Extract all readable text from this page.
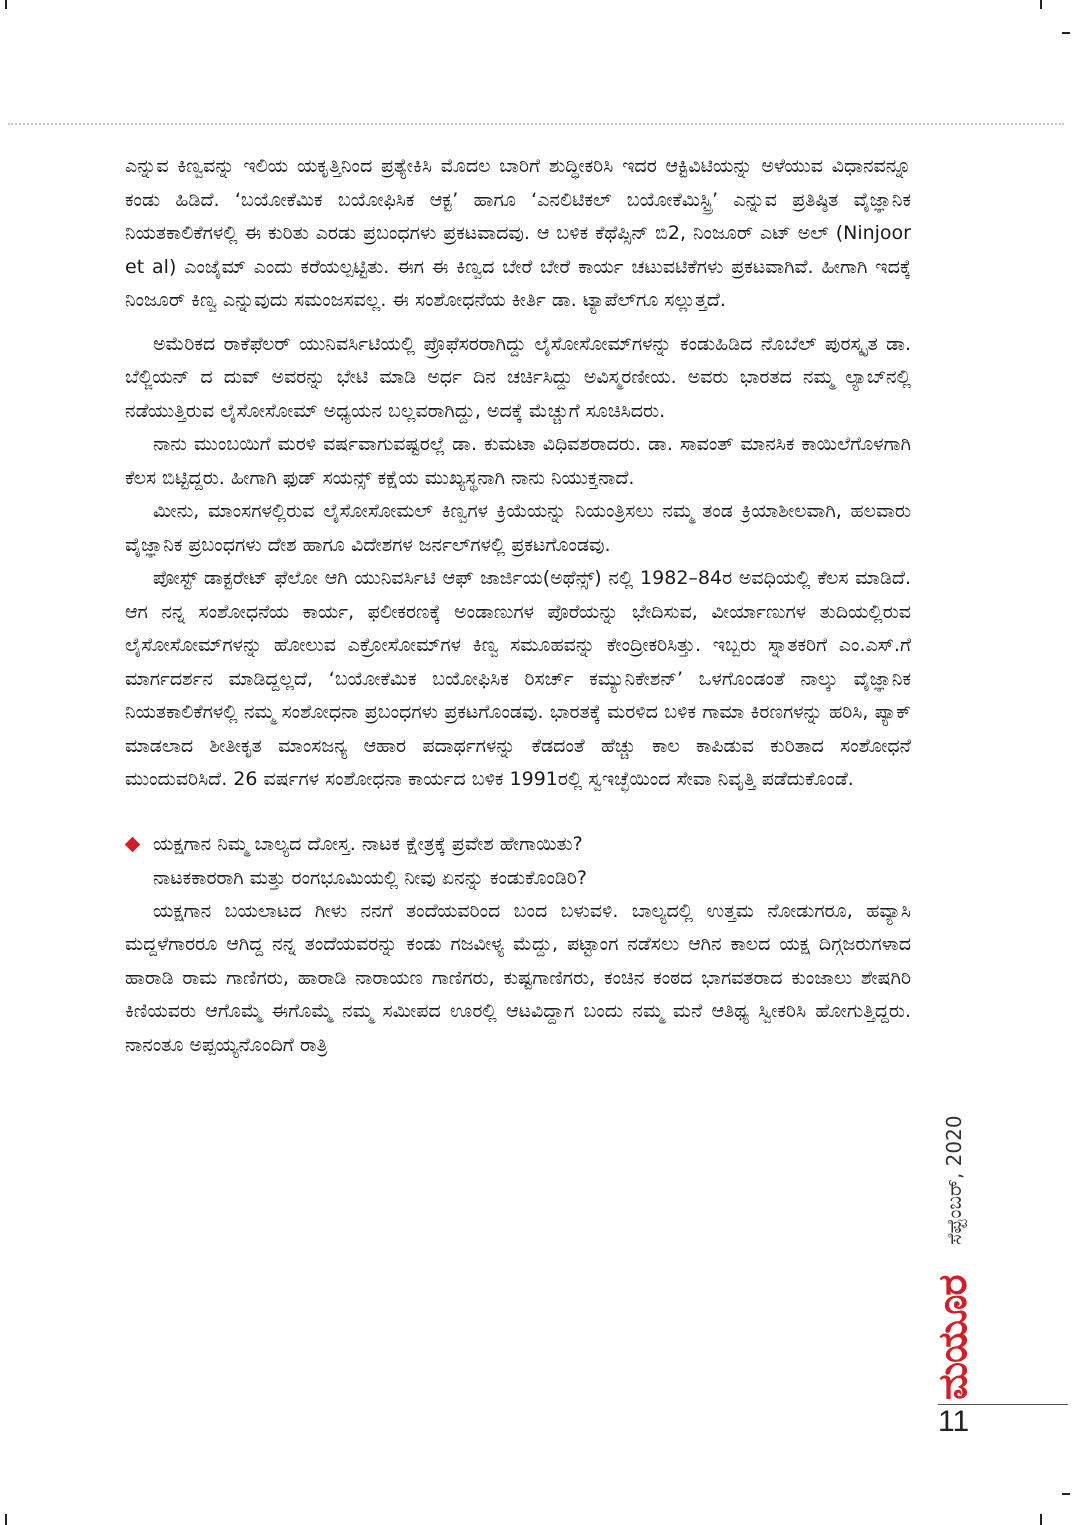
ಎನ್ನುವ ಕಿಣ್ವವನ್ನು ಇಲಿಯ ಯಕೃತ್ತಿನಿಂದ ಪ್ರತ್ಯೇಕಿಸಿ ಮೊದಲ ಬಾರಿಗೆ ಶುದ್ಧೀಕರಿಸಿ ಇದರ ಆಕ್ಟಿವಿಟಿಯನ್ನು ಅಳೆಯುವ ವಿಧಾನವನ್ನೂ ಕಂಡು ಹಿಡಿದೆ. ‘ಬಯೋಕೆಮಿಕ ಬಯೋಫಿಸಿಕ ಆಕ್ಟ’ ಹಾಗೂ ‘ಎನಲಿಟಿಕಲ್ ಬಯೋಕೆಮಿಸ್ಟ್ರಿ’ ಎನ್ನುವ ಪ್ರತಿಷ್ಠಿತ ವೈಜ್ಞಾನಿಕ ನಿಯತಕಾಲಿಕೆಗಳಲ್ಲಿ ಈ ಕುರಿತು ಎರಡು ಪ್ರಬಂಧಗಳು ಪ್ರಕಟವಾದವು. ಆ ಬಳಿಕ ಕೆಥೆಪ್ಸಿನ್ ಬಿ2, ನಿಂಜೂರ್ ಎಟ್ ಅಲ್ (Ninjoor et al) ಎಂಜೈಮ್ ಎಂದು ಕರೆಯಲ್ಪಟ್ಟಿತು. ಈಗ ಈ ಕಿಣ್ವದ ಬೇರೆ ಬೇರೆ ಕಾರ್ಯ ಚಟುವಟಿಕೆಗಳು ಪ್ರಕಟವಾಗಿವೆ. ಹೀಗಾಗಿ ಇದಕ್ಕೆ ನಿಂಜೂರ್ ಕಿಣ್ವ ಎನ್ನುವುದು ಸಮಂಜಸವಲ್ಲ. ಈ ಸಂಶೋಧನೆಯ ಕೀರ್ತಿ ಡಾ. ಟ್ಯಾಪೆಲ್‌ಗೂ ಸಲ್ಲುತ್ತದೆ.

ಅಮೆರಿಕದ ರಾಕೆಫೆಲರ್ ಯುನಿವರ್ಸಿಟಿಯಲ್ಲಿ ಪ್ರೊಫೆಸರರಾಗಿದ್ದು ಲೈಸೋಸೋಮ್‌ಗಳನ್ನು ಕಂಡುಹಿಡಿದ ನೊಬೆಲ್ ಪುರಸ್ಕೃತ ಡಾ. ಬೆಲ್ಜಿಯನ್ ದ ದುವ್ ಅವರನ್ನು ಭೇಟಿ ಮಾಡಿ ಅರ್ಧ ದಿನ ಚರ್ಚಿಸಿದ್ದು ಅವಿಸ್ಮರಣೀಯ. ಅವರು ಭಾರತದ ನಮ್ಮ ಲ್ಯಾಬ್‌ನಲ್ಲಿ ನಡೆಯುತ್ತಿರುವ ಲೈಸೋಸೋಮ್ ಅಧ್ಯಯನ ಬಲ್ಲವರಾಗಿದ್ದು, ಅದಕ್ಕೆ ಮೆಚ್ಚುಗೆ ಸೂಚಿಸಿದರು.

ನಾನು ಮುಂಬಯಿಗೆ ಮರಳಿ ವರ್ಷವಾಗುವಷ್ಟರಲ್ಲೆ ಡಾ. ಕುಮಟಾ ವಿಧಿವಶರಾದರು. ಡಾ. ಸಾವಂತ್ ಮಾನಸಿಕ ಕಾಯಿಲೆಗೊಳಗಾಗಿ ಕೆಲಸ ಬಿಟ್ಟಿದ್ದರು. ಹೀಗಾಗಿ ಫುಡ್ ಸಯನ್ಸ್ ಕಕ್ಷೆಯ ಮುಖ್ಯಸ್ಥನಾಗಿ ನಾನು ನಿಯುಕ್ತನಾದೆ.

ಮೀನು, ಮಾಂಸಗಳಲ್ಲಿರುವ ಲೈಸೋಸೋಮಲ್ ಕಿಣ್ವಗಳ ಕ್ರಿಯೆಯನ್ನು ನಿಯಂತ್ರಿಸಲು ನಮ್ಮ ತಂಡ ಕ್ರಿಯಾಶೀಲವಾಗಿ, ಹಲವಾರು ವೈಜ್ಞಾನಿಕ ಪ್ರಬಂಧಗಳು ದೇಶ ಹಾಗೂ ವಿದೇಶಗಳ ಜರ್ನಲ್‌ಗಳಲ್ಲಿ ಪ್ರಕಟಗೊಂಡವು.

ಪೋಸ್ಟ್ ಡಾಕ್ಟರೇಟ್ ಫೆಲೋ ಆಗಿ ಯುನಿವರ್ಸಿಟಿ ಆಫ್ ಜಾರ್ಜಿಯ(ಅಥೆನ್ಸ್) ನಲ್ಲಿ 1982–84ರ ಅವಧಿಯಲ್ಲಿ ಕೆಲಸ ಮಾಡಿದೆ. ಆಗ ನನ್ನ ಸಂಶೋಧನೆಯ ಕಾರ್ಯ, ಫಲೀಕರಣಕ್ಕೆ ಅಂಡಾಣುಗಳ ಪೊರೆಯನ್ನು ಭೇದಿಸುವ, ವೀರ್ಯಾಣುಗಳ ತುದಿಯಲ್ಲಿರುವ ಲೈಸೋಸೋಮ್‌ಗಳನ್ನು ಹೋಲುವ ಎಕ್ರೋಸೋಮ್‌ಗಳ ಕಿಣ್ವ ಸಮೂಹವನ್ನು ಕೇಂದ್ರೀಕರಿಸಿತ್ತು. ಇಬ್ಬರು ಸ್ನಾತಕರಿಗೆ ಎಂ.ಎಸ್.ಗೆ ಮಾರ್ಗದರ್ಶನ ಮಾಡಿದ್ದಲ್ಲದೆ, ‘ಬಯೋಕೆಮಿಕ ಬಯೋಫಿಸಿಕ ರಿಸರ್ಚ್ ಕಮ್ಯುನಿಕೇಶನ್’ ಒಳಗೊಂಡಂತೆ ನಾಲ್ಕು ವೈಜ್ಞಾನಿಕ ನಿಯತಕಾಲಿಕೆಗಳಲ್ಲಿ ನಮ್ಮ ಸಂಶೋಧನಾ ಪ್ರಬಂಧಗಳು ಪ್ರಕಟಗೊಂಡವು. ಭಾರತಕ್ಕೆ ಮರಳಿದ ಬಳಿಕ ಗಾಮಾ ಕಿರಣಗಳನ್ನು ಹರಿಸಿ, ಪ್ಯಾಕ್ ಮಾಡಲಾದ ಶೀತೀಕೃತ ಮಾಂಸಜನ್ಯ ಆಹಾರ ಪದಾರ್ಥಗಳನ್ನು ಕೆಡದಂತೆ ಹೆಚ್ಚು ಕಾಲ ಕಾಪಿಡುವ ಕುರಿತಾದ ಸಂಶೋಧನೆ ಮುಂದುವರಿಸಿದೆ. 26 ವರ್ಷಗಳ ಸಂಶೋಧನಾ ಕಾರ್ಯದ ಬಳಿಕ 1991ರಲ್ಲಿ ಸ್ವಇಚ್ಛೆಯಿಂದ ಸೇವಾ ನಿವೃತ್ತಿ ಪಡೆದುಕೊಂಡೆ.

ಯಕ್ಷಗಾನ ನಿಮ್ಮ ಬಾಲ್ಯದ ದೋಸ್ತ. ನಾಟಕ ಕ್ಷೇತ್ರಕ್ಕೆ ಪ್ರವೇಶ ಹೇಗಾಯಿತು?
ನಾಟಕಕಾರರಾಗಿ ಮತ್ತು ರಂಗಭೂಮಿಯಲ್ಲಿ ನೀವು ಏನನ್ನು ಕಂಡುಕೊಂಡಿರಿ?

ಯಕ್ಷಗಾನ ಬಯಲಾಟದ ಗೀಳು ನನಗೆ ತಂದೆಯವರಿಂದ ಬಂದ ಬಳುವಳಿ. ಬಾಲ್ಯದಲ್ಲಿ ಉತ್ತಮ ನೋಡುಗರೂ, ಹವ್ಯಾಸಿ ಮದ್ದಳೆಗಾರರೂ ಆಗಿದ್ದ ನನ್ನ ತಂದೆಯವರನ್ನು ಕಂಡು ಗಜವೀಳ್ಯ ಮೆದ್ದು, ಪಟ್ಟಾಂಗ ನಡೆಸಲು ಆಗಿನ ಕಾಲದ ಯಕ್ಷ ದಿಗ್ಗಜರುಗಳಾದ ಹಾರಾಡಿ ರಾಮ ಗಾಣಿಗರು, ಹಾರಾಡಿ ನಾರಾಯಣ ಗಾಣಿಗರು, ಕುಷ್ಟಗಾಣಿಗರು, ಕಂಚಿನ ಕಂಠದ ಭಾಗವತರಾದ ಕುಂಜಾಲು ಶೇಷಗಿರಿ ಕಿಣಿಯವರು ಆಗೊಮ್ಮೆ ಈಗೊಮ್ಮೆ ನಮ್ಮ ಸಮೀಪದ ಊರಲ್ಲಿ ಆಟವಿದ್ದಾಗ ಬಂದು ನಮ್ಮ ಮನೆ ಆತಿಥ್ಯ ಸ್ವೀಕರಿಸಿ ಹೋಗುತ್ತಿದ್ದರು. ನಾನಂತೂ ಅಪ್ಪಯ್ಯನೊಂದಿಗೆ ರಾತ್ರಿ

ಸೆಪ್ಟೆಂಬರ್, 2020
ಮಯೂರ
11
